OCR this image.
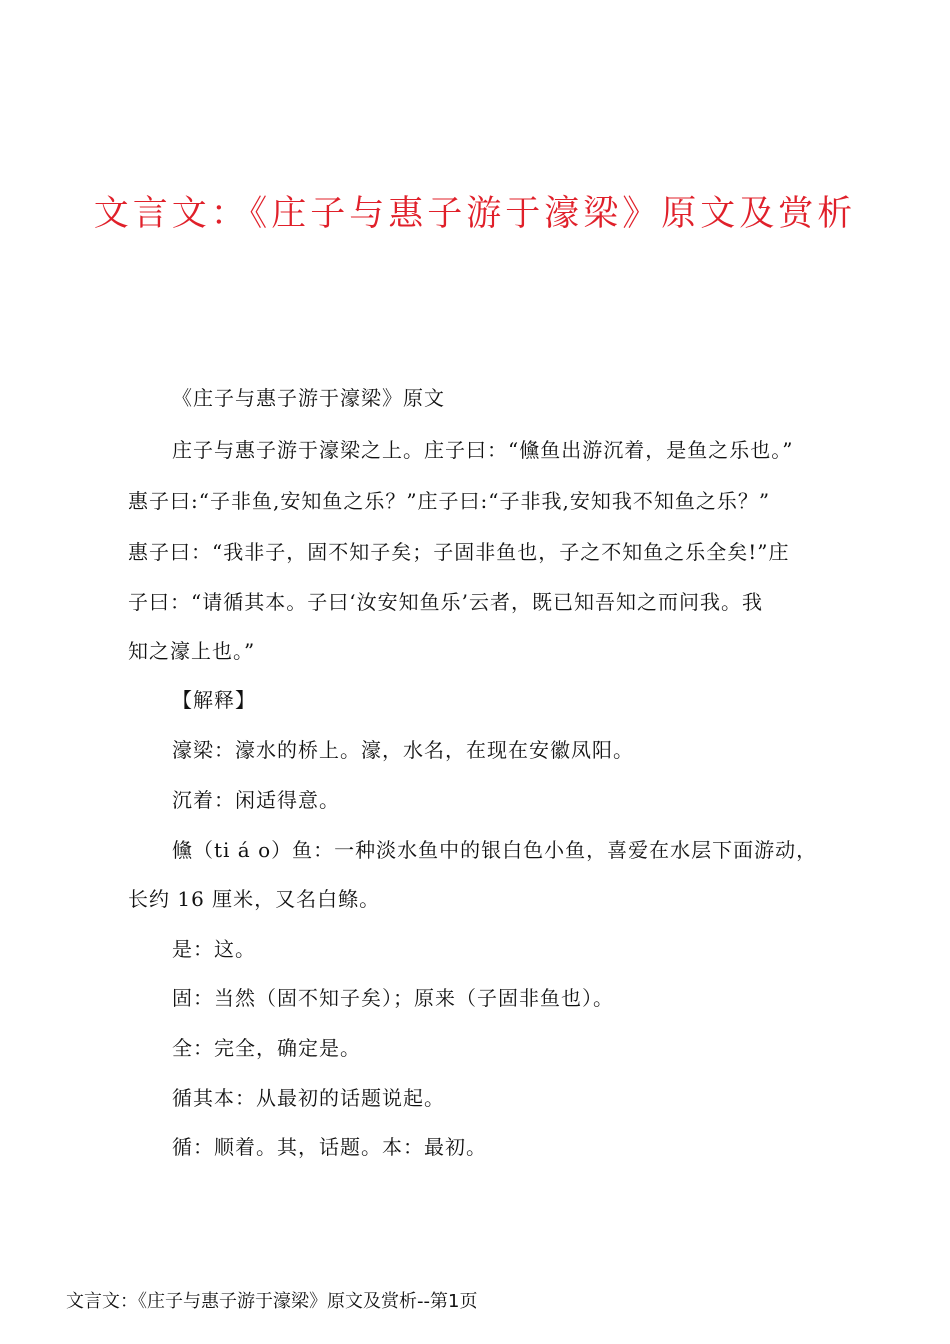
文言文：《庄子与惠子游于濠梁》原文及赏析
《庄子与惠子游于濠梁》原文
庄子与惠子游于濠梁之上。庄子曰：“儵鱼出游沉着，是鱼之乐也。”
惠子曰:“子非鱼,安知鱼之乐？”庄子曰:“子非我,安知我不知鱼之乐？”
惠子曰：“我非子，固不知子矣；子固非鱼也，子之不知鱼之乐全矣!”庄
子曰：“请循其本。子曰‘汝安知鱼乐’云者，既已知吾知之而问我。我
知之濠上也。”
【解释】
濠梁：濠水的桥上。濠，水名，在现在安徽凤阳。
沉着：闲适得意。
儵（ti á o）鱼：一种淡水鱼中的银白色小鱼，喜爱在水层下面游动，
长约 16 厘米，又名白鲦。
是：这。
固：当然（固不知子矣）；原来（子固非鱼也）。
全：完全，确定是。
循其本：从最初的话题说起。
循：顺着。其，话题。本：最初。
文言文：《庄子与惠子游于濠梁》原文及赏析--第1页
